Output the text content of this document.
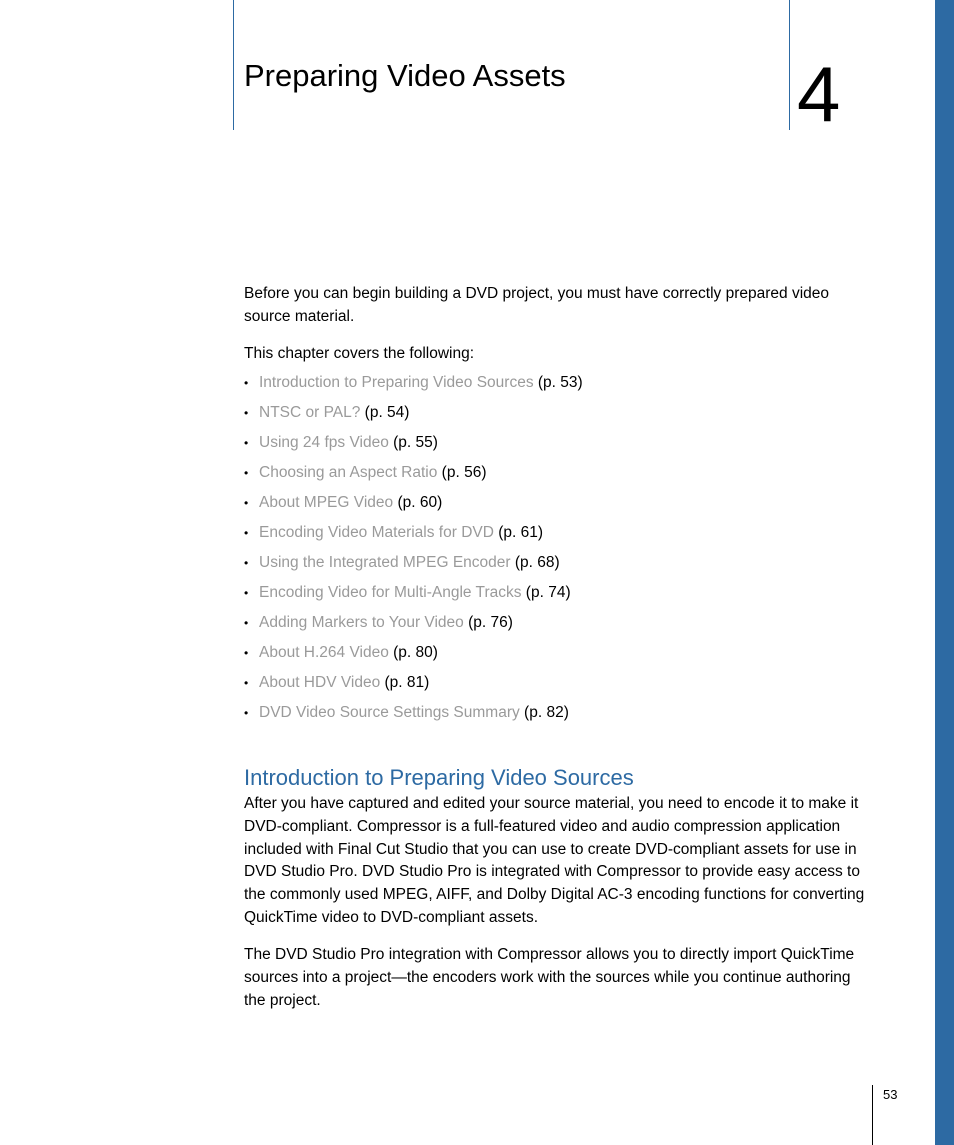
Preparing Video Assets	4

Before you can begin building a DVD project, you must have correctly prepared video source material.

This chapter covers the following:

• Introduction to Preparing Video Sources (p. 53)
• NTSC or PAL? (p. 54)
• Using 24 fps Video (p. 55)
• Choosing an Aspect Ratio (p. 56)
• About MPEG Video (p. 60)
• Encoding Video Materials for DVD (p. 61)
• Using the Integrated MPEG Encoder (p. 68)
• Encoding Video for Multi-Angle Tracks (p. 74)
• Adding Markers to Your Video (p. 76)
• About H.264 Video (p. 80)
• About HDV Video (p. 81)
• DVD Video Source Settings Summary (p. 82)
Introduction to Preparing Video Sources

After you have captured and edited your source material, you need to encode it to make it DVD-compliant. Compressor is a full-featured video and audio compression application included with Final Cut Studio that you can use to create DVD-compliant assets for use in DVD Studio Pro. DVD Studio Pro is integrated with Compressor to provide easy access to the commonly used MPEG, AIFF, and Dolby Digital AC-3 encoding functions for converting QuickTime video to DVD-compliant assets.

The DVD Studio Pro integration with Compressor allows you to directly import QuickTime sources into a project—the encoders work with the sources while you continue authoring the project.

53
